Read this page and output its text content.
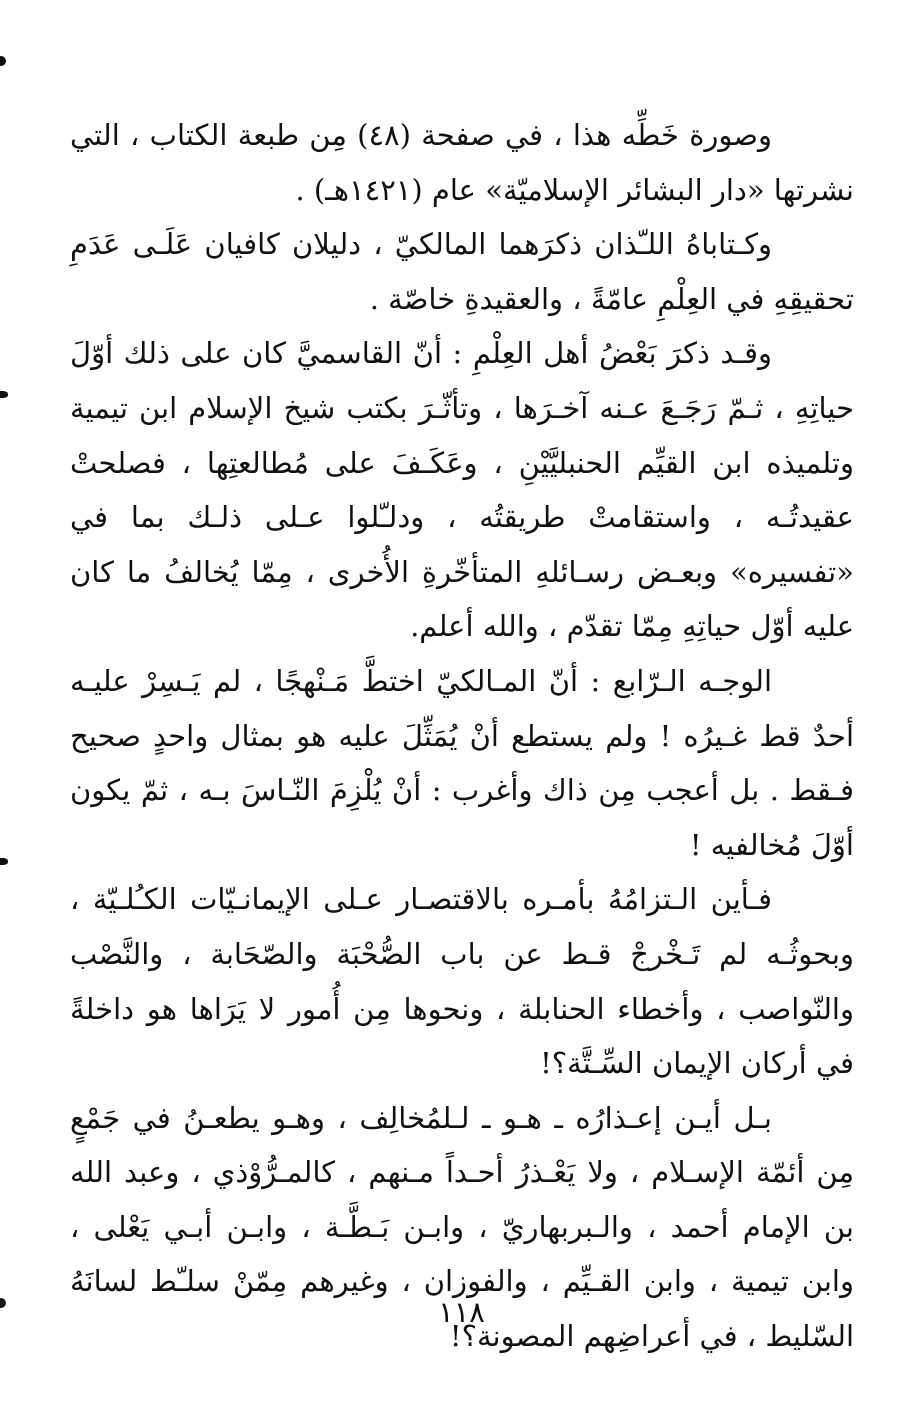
وصورة خَطِّه هذا ، في صفحة (٤٨) مِن طبعة الكتاب ، التي نشرتها «دار البشائر الإسلاميّة» عام (١٤٢١هـ) .

وكـتاباهُ اللـّذان ذكرَهما المالكيّ ، دليلان كافيان عَلَـى عَدَمِ تحقيقِهِ في العِلْمِ عامّةً ، والعقيدةِ خاصّة .

وقـد ذكرَ بَعْضُ أهل العِلْمِ : أنّ القاسميَّ كان على ذلك أوّلَ حياتِهِ ، ثـمّ رَجَـعَ عـنه آخـرَها ، وتأثّـرَ بكتب شيخ الإسلام ابن تيمية وتلميذه ابن القيِّم الحنبليَّيْنِ ، وعَكَـفَ على مُطالعتِها ، فصلحتْ عقيدتُـه ، واستقامتْ طريقتُه ، ودلـّلوا عـلى ذلـك بما في «تفسيره» وبعـض رسـائلهِ المتأخّرةِ الأُخرى ، مِمّا يُخالفُ ما كان عليه أوّل حياتِهِ مِمّا تقدّم ، والله أعلم.

الوجـه الـرّابع : أنّ المـالكيّ اختطَّ مَـنْهجًا ، لم يَـسِرْ عليـه أحدٌ قط غـيرُه ! ولم يستطع أنْ يُمَثِّلَ عليه هو بمثال واحدٍ صحيح فـقط . بل أعجب مِن ذاك وأغرب : أنْ يُلْزِمَ النّـاسَ بـه ، ثمّ يكون أوّلَ مُخالفيه !

فـأين الـتزامُهُ بأمـره بالاقتصـار عـلى الإيمانـيّات الكـُلـيّة ، وبحوثُـه لم تَـخْرجْ قـط عن باب الصُّحْبَة والصّحَابة ، والنَّصْب والنّواصب ، وأخطاء الحنابلة ، ونحوها مِن أُمور لا يَرَاها هو داخلةً في أركان الإيمان السِّـتَّة؟!

بـل أيـن إعـذارُه ـ هـو ـ لـلمُخالِف ، وهـو يطعـنُ في جَمْعٍ مِن أئمّة الإسـلام ، ولا يَعْـذرُ أحـداً مـنهم ، كالمـرُّوْذي ، وعبد الله بن الإمام أحمد ، والـبربهاريّ ، وابـن بَـطَّـة ، وابـن أبـي يَعْلى ، وابن تيمية ، وابن القـيِّم ، والفوزان ، وغيرهم مِمّنْ سلـّط لسانَهُ السّليط ، في أعراضِهم المصونة؟!

١١٨
